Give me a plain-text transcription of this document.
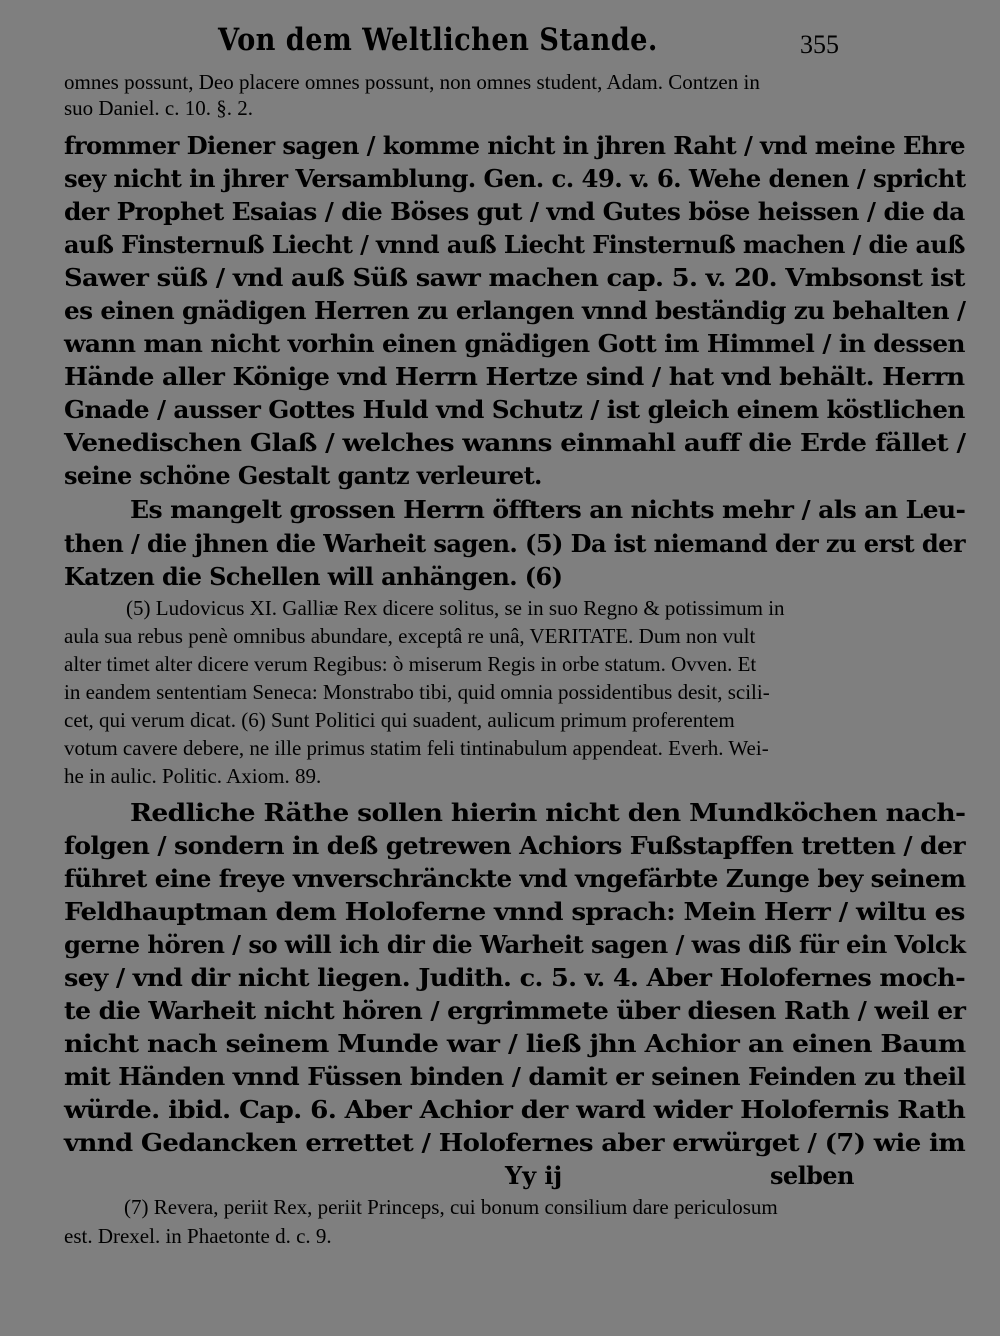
Von dem Weltlichen Stande.	355
omnes possunt, Deo placere omnes possunt, non omnes student, Adam. Contzen in
suo Daniel. c. 10. §. 2.
frommer Diener sagen / komme nicht in jhren Raht / vnd meine Ehre
sey nicht in jhrer Versamblung. Gen. c. 49. v. 6. Wehe denen / spricht
der Prophet Esaias / die Böses gut / vnd Gutes böse heissen / die da
auß Finsternuß Liecht / vnnd auß Liecht Finsternuß machen / die auß
Sawer süß / vnd auß Süß sawr machen cap. 5. v. 20. Vmbsonst ist
es einen gnädigen Herren zu erlangen vnnd beständig zu behalten /
wann man nicht vorhin einen gnädigen Gott im Himmel / in dessen
Hände aller Könige vnd Herrn Hertze sind / hat vnd behält. Herrn
Gnade / ausser Gottes Huld vnd Schutz / ist gleich einem köstlichen
Venedischen Glaß / welches wanns einmahl auff die Erde fället /
seine schöne Gestalt gantz verleuret.
Es mangelt grossen Herrn öffters an nichts mehr / als an Leu-
then / die jhnen die Warheit sagen. (5) Da ist niemand der zu erst der
Katzen die Schellen will anhängen. (6)
(5) Ludovicus XI. Galliæ Rex dicere solitus, se in suo Regno & potissimum in
aula sua rebus penè omnibus abundare, exceptâ re unâ, VERITATE. Dum non vult
alter timet alter dicere verum Regibus: ò miserum Regis in orbe statum. Ovven. Et
in eandem sententiam Seneca: Monstrabo tibi, quid omnia possidentibus desit, scili-
cet, qui verum dicat. (6) Sunt Politici qui suadent, aulicum primum proferentem
votum cavere debere, ne ille primus statim feli tintinabulum appendeat. Everh. Wei-
he in aulic. Politic. Axiom. 89.
Redliche Räthe sollen hierin nicht den Mundköchen nach-
folgen / sondern in deß getrewen Achiors Fußstapffen tretten / der
führet eine freye vnverschränckte vnd vngefärbte Zunge bey seinem
Feldhauptman dem Holoferne vnnd sprach: Mein Herr / wiltu es
gerne hören / so will ich dir die Warheit sagen / was diß für ein Volck
sey / vnd dir nicht liegen. Judith. c. 5. v. 4. Aber Holofernes moch-
te die Warheit nicht hören / ergrimmete über diesen Rath / weil er
nicht nach seinem Munde war / ließ jhn Achior an einen Baum
mit Händen vnnd Füssen binden / damit er seinen Feinden zu theil
würde. ibid. Cap. 6. Aber Achior der ward wider Holofernis Rath
vnnd Gedancken errettet / Holofernes aber erwürget / (7) wie im
Yy ij	selben
(7) Revera, periit Rex, periit Princeps, cui bonum consilium dare periculosum
est. Drexel. in Phaetonte d. c. 9.
